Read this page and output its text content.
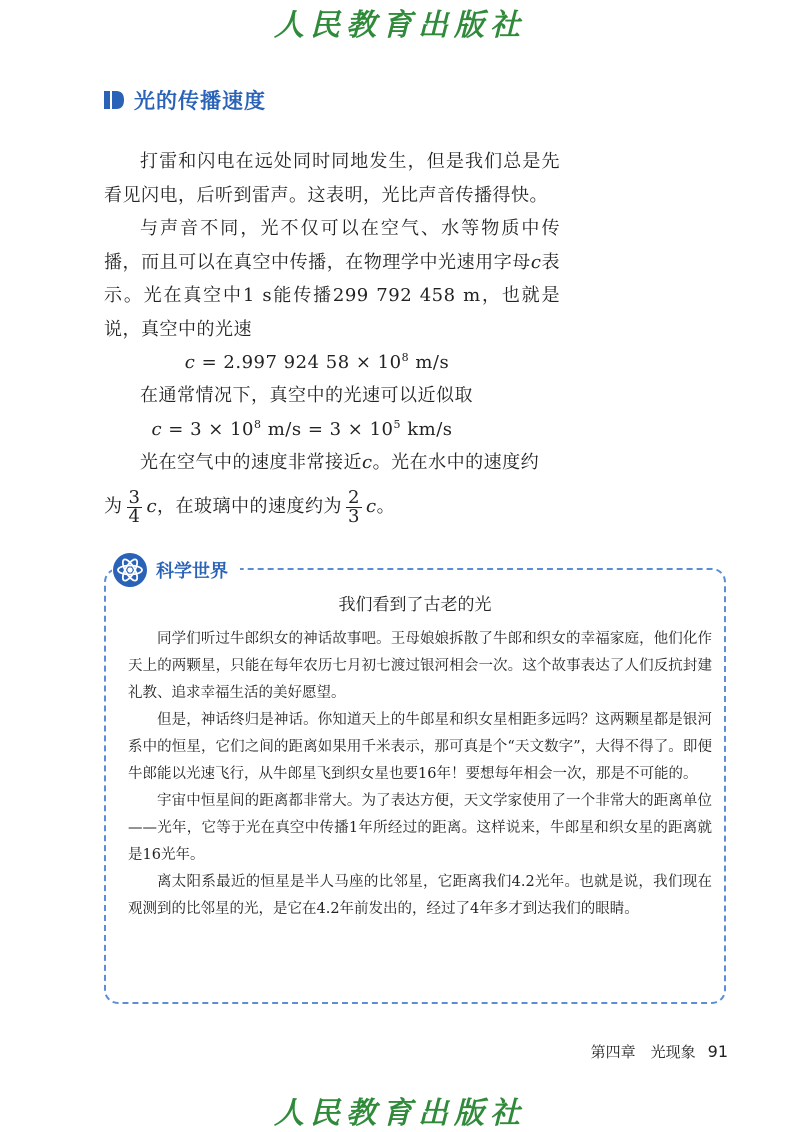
人民教育出版社
光的传播速度

打雷和闪电在远处同时同地发生，但是我们总是先看见闪电，后听到雷声。这表明，光比声音传播得快。

与声音不同，光不仅可以在空气、水等物质中传播，而且可以在真空中传播，在物理学中光速用字母c表示。光在真空中1 s能传播299 792 458 m，也就是说，真空中的光速

c = 2.997 924 $58 \times 10^8$ m/s

在通常情况下，真空中的光速可以近似取

$c = 3 \times 10^8$ $m/s = 3 \times 10^5$ km/s

光在空气中的速度非常接近c。光在水中的速度约

为 $\frac{3}{4}$ c，在玻璃中的速度约为 $\frac{2}{3}$ c。
科学世界
我们看到了古老的光

同学们听过牛郎织女的神话故事吧。王母娘娘拆散了牛郎和织女的幸福家庭，他们化作天上的两颗星，只能在每年农历七月初七渡过银河相会一次。这个故事表达了人们反抗封建礼教、追求幸福生活的美好愿望。

但是，神话终归是神话。你知道天上的牛郎星和织女星相距多远吗？这两颗星都是银河系中的恒星，它们之间的距离如果用千米表示，那可真是个“天文数字”，大得不得了。即便牛郎能以光速飞行，从牛郎星飞到织女星也要16年！要想每年相会一次，那是不可能的。

宇宙中恒星间的距离都非常大。为了表达方便，天文学家使用了一个非常大的距离单位——光年，它等于光在真空中传播1年所经过的距离。这样说来，牛郎星和织女星的距离就是16光年。

离太阳系最近的恒星是半人马座的比邻星，它距离我们4.2光年。也就是说，我们现在观测到的比邻星的光，是它在4.2年前发出的，经过了4年多才到达我们的眼睛。

第四章　光现象 91
人民教育出版社
